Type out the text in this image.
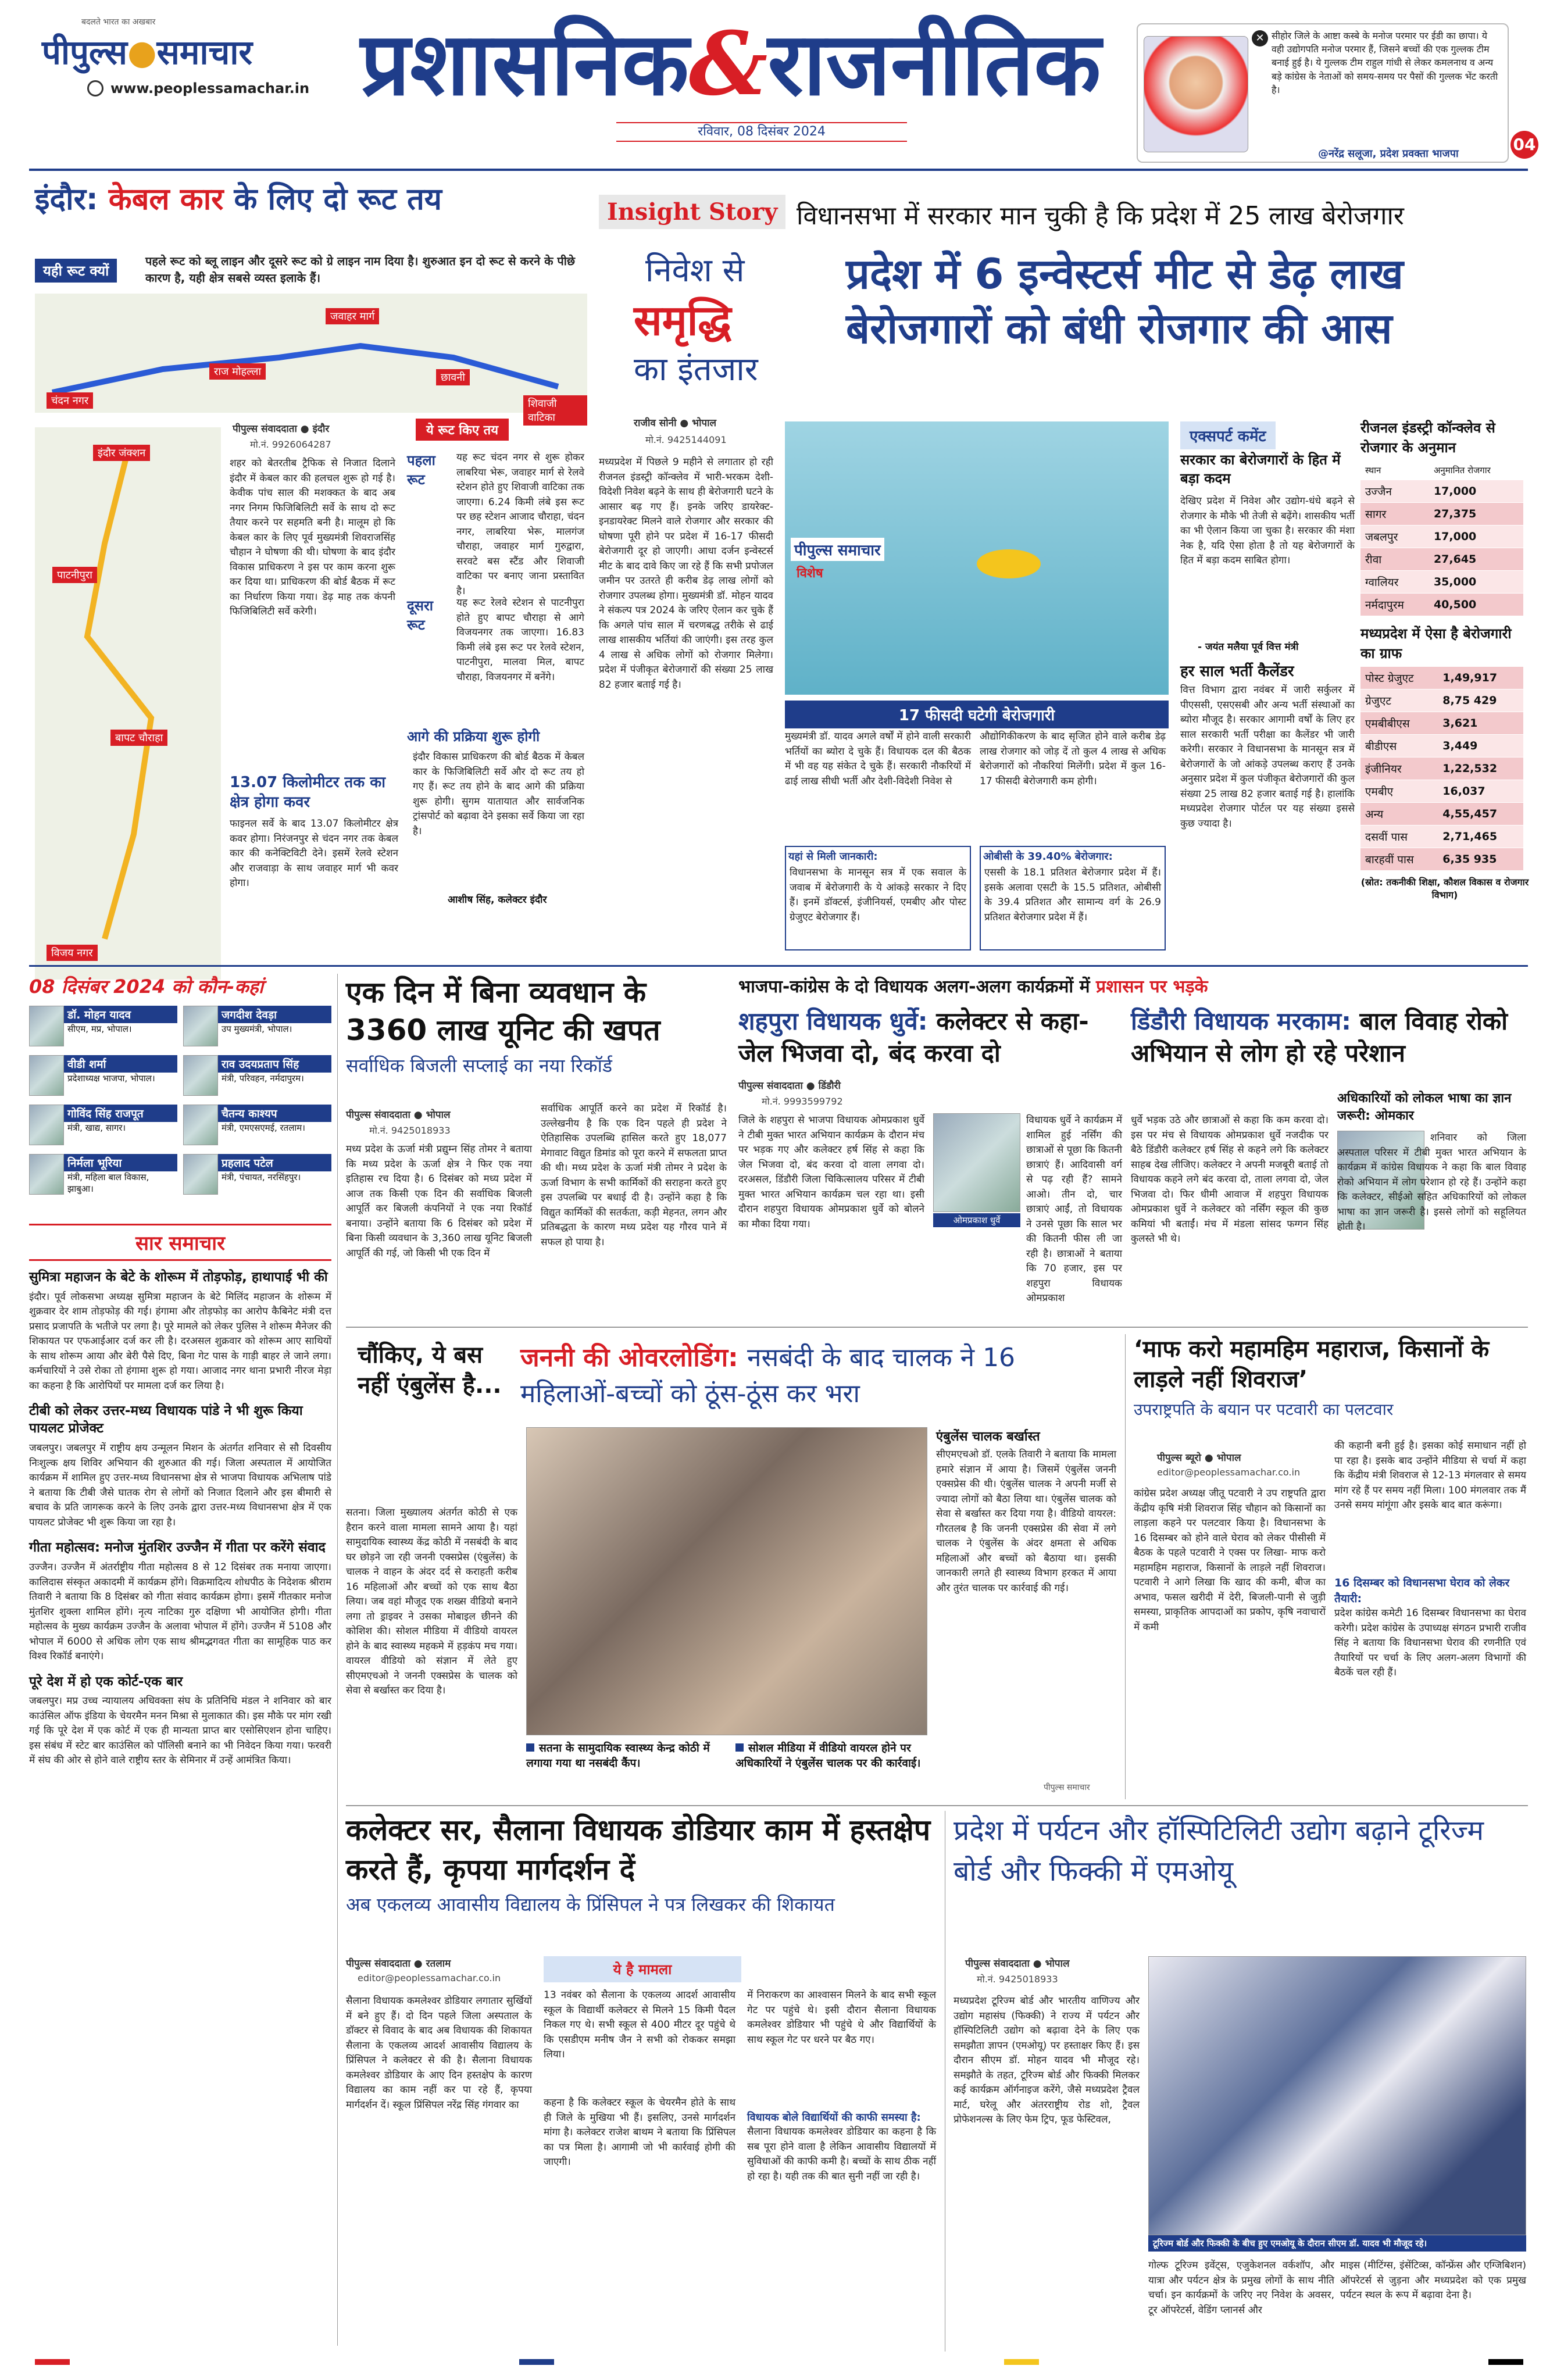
बदलते भारत का अखबार
पीपुल्स●समाचार
www.peoplessamachar.in प्रशासनिक&राजनीतिक
रविवार, 08 दिसंबर 2024
✕ सीहोर जिले के आष्टा कस्बे के मनोज परमार पर ईडी का छापा। ये वही उद्योगपति मनोज परमार हैं, जिसने बच्चों की एक गुल्लक टीम बनाई हुई है। ये गुल्लक टीम राहुल गांधी से लेकर कमलनाथ व अन्य बड़े कांग्रेस के नेताओं को समय-समय पर पैसों की गुल्लक भेंट करती है।
@नरेंद्र सलूजा, प्रदेश प्रवक्ता भाजपा	04
इंदौर: केबल कार के लिए दो रूट तय
यही रूट क्यों
पहले रूट को ब्लू लाइन और दूसरे रूट को ग्रे लाइन नाम दिया है। शुरुआत इन दो रूट से करने के पीछे कारण है, यही क्षेत्र सबसे व्यस्त इलाके हैं।
चंदन नगर
राज मोहल्ला
जवाहर मार्ग
छावनी
शिवाजी वाटिका
इंदौर जंक्शन
पाटनीपुरा
बापट चौराहा
विजय नगर
पीपुल्स संवाददाता ● इंदौर
मो.नं. 9926064287
शहर को बेतरतीब ट्रैफिक से निजात दिलाने इंदौर में केबल कार की हलचल शुरू हो गई है। केवीक पांच साल की मशक्कत के बाद अब नगर निगम फिजिबिलिटी सर्वे के साथ दो रूट तैयार करने पर सहमति बनी है। मालूम हो कि केबल कार के लिए पूर्व मुख्यमंत्री शिवराजसिंह चौहान ने घोषणा की थी। घोषणा के बाद इंदौर विकास प्राधिकरण ने इस पर काम करना शुरू कर दिया था। प्राधिकरण की बोर्ड बैठक में रूट का निर्धारण किया गया। डेढ़ माह तक कंपनी फिजिबिलिटी सर्वे करेगी।
ये रूट किए तय
पहला रूट
यह रूट चंदन नगर से शुरू होकर लाबरिया भेरू, जवाहर मार्ग से रेलवे स्टेशन होते हुए शिवाजी वाटिका तक जाएगा। 6.24 किमी लंबे इस रूट पर छह स्टेशन आजाद चौराहा, चंदन नगर, लाबरिया भेरू, मालगंज चौराहा, जवाहर मार्ग गुरुद्वारा, सरवटे बस स्टैंड और शिवाजी वाटिका पर बनाए जाना प्रस्तावित है।
दूसरा रूट
यह रूट रेलवे स्टेशन से पाटनीपुरा होते हुए बापट चौराहा से आगे विजयनगर तक जाएगा। 16.83 किमी लंबे इस रूट पर रेलवे स्टेशन, पाटनीपुरा, मालवा मिल, बापट चौराहा, विजयनगर में बनेंगे।
13.07 किलोमीटर तक का क्षेत्र होगा कवर
फाइनल सर्वे के बाद 13.07 किलोमीटर क्षेत्र कवर होगा। निरंजनपुर से चंदन नगर तक केबल कार की कनेक्टिविटी देने। इसमें रेलवे स्टेशन और राजवाड़ा के साथ जवाहर मार्ग भी कवर होगा।
आगे की प्रक्रिया शुरू होगी
इंदौर विकास प्राधिकरण की बोर्ड बैठक में केबल कार के फिजिबिलिटी सर्वे और दो रूट तय हो गए हैं। रूट तय होने के बाद आगे की प्रक्रिया शुरू होगी। सुगम यातायात और सार्वजनिक ट्रांसपोर्ट को बढ़ावा देने इसका सर्वे किया जा रहा है।
आशीष सिंह, कलेक्टर इंदौर
Insight Story विधानसभा में सरकार मान चुकी है कि प्रदेश में 25 लाख बेरोजगार
निवेश से
समृद्धि
का इंतजार
प्रदेश में 6 इन्वेस्टर्स मीट से डेढ़ लाख बेरोजगारों को बंधी रोजगार की आस
राजीव सोनी ● भोपाल
मो.नं. 9425144091
मध्यप्रदेश में पिछले 9 महीने से लगातार हो रही रीजनल इंडस्ट्री कॉन्क्लेव में भारी-भरकम देशी-विदेशी निवेश बढ़ने के साथ ही बेरोजगारी घटने के आसार बढ़ गए हैं। इनके जरिए डायरेक्ट-इनडायरेक्ट मिलने वाले रोजगार और सरकार की घोषणा पूरी होने पर प्रदेश में 16-17 फीसदी बेरोजगारी दूर हो जाएगी। आधा दर्जन इन्वेस्टर्स मीट के बाद दावे किए जा रहे हैं कि सभी प्रपोजल जमीन पर उतरते ही करीब डेढ़ लाख लोगों को रोजगार उपलब्ध होगा। मुख्यमंत्री डॉ. मोहन यादव ने संकल्प पत्र 2024 के जरिए ऐलान कर चुके हैं कि अगले पांच साल में चरणबद्ध तरीके से ढाई लाख शासकीय भर्तियां की जाएंगी। इस तरह कुल 4 लाख से अधिक लोगों को रोजगार मिलेगा। प्रदेश में पंजीकृत बेरोजगारों की संख्या 25 लाख 82 हजार बताई गई है।
पीपुल्स समाचार
विशेष
17 फीसदी घटेगी बेरोजगारी
मुख्यमंत्री डॉ. यादव अगले वर्षों में होने वाली सरकारी भर्तियों का ब्योरा दे चुके हैं। विधायक दल की बैठक में भी वह यह संकेत दे चुके हैं। सरकारी नौकरियों में ढाई लाख सीधी भर्ती और देशी-विदेशी निवेश से
औद्योगिकीकरण के बाद सृजित होने वाले करीब डेढ़ लाख रोजगार को जोड़ दें तो कुल 4 लाख से अधिक बेरोजगारों को नौकरियां मिलेंगी। प्रदेश में कुल 16-17 फीसदी बेरोजगारी कम होगी।
यहां से मिली जानकारी:
विधानसभा के मानसून सत्र में एक सवाल के जवाब में बेरोजगारी के ये आंकड़े सरकार ने दिए हैं। इनमें डॉक्टर्स, इंजीनियर्स, एमबीए और पोस्ट ग्रेजुएट बेरोजगार हैं।
ओबीसी के 39.40% बेरोजगार:
एससी के 18.1 प्रतिशत बेरोजगार प्रदेश में हैं। इसके अलावा एसटी के 15.5 प्रतिशत, ओबीसी के 39.4 प्रतिशत और सामान्य वर्ग के 26.9 प्रतिशत बेरोजगार प्रदेश में हैं।
एक्सपर्ट कमेंट
सरकार का बेरोजगारों के हित में बड़ा कदम
देखिए प्रदेश में निवेश और उद्योग-धंधे बढ़ने से रोजगार के मौके भी तेजी से बढ़ेंगे। शासकीय भर्ती का भी ऐलान किया जा चुका है। सरकार की मंशा नेक है, यदि ऐसा होता है तो यह बेरोजगारों के हित में बड़ा कदम साबित होगा।
- जयंत मलैया पूर्व वित्त मंत्री
हर साल भर्ती कैलेंडर
वित्त विभाग द्वारा नवंबर में जारी सर्कुलर में पीएससी, एसएसबी और अन्य भर्ती संस्थाओं का ब्योरा मौजूद है। सरकार आगामी वर्षों के लिए हर साल सरकारी भर्ती परीक्षा का कैलेंडर भी जारी करेगी। सरकार ने विधानसभा के मानसून सत्र में बेरोजगारों के जो आंकड़े उपलब्ध कराए हैं उनके अनुसार प्रदेश में कुल पंजीकृत बेरोजगारों की कुल संख्या 25 लाख 82 हजार बताई गई है। हालांकि मध्यप्रदेश रोजगार पोर्टल पर यह संख्या इससे कुछ ज्यादा है।
रीजनल इंडस्ट्री कॉन्क्लेव से रोजगार के अनुमान
स्थान	अनुमानित रोजगार
उज्जैन	17,000
सागर	27,375
जबलपुर	17,000
रीवा	27,645
ग्वालियर	35,000
नर्मदापुरम	40,500
मध्यप्रदेश में ऐसा है बेरोजगारी का ग्राफ
पोस्ट ग्रेजुएट	1,49,917
ग्रेजुएट	8,75 429
एमबीबीएस	3,621
बीडीएस	3,449
इंजीनियर	1,22,532
एमबीए	16,037
अन्य	4,55,457
दसवीं पास	2,71,465
बारहवीं पास	6,35 935
(स्रोत: तकनीकी शिक्षा, कौशल विकास व रोजगार विभाग)
08 दिसंबर 2024 को कौन-कहां
डॉ. मोहन यादव
सीएम, मप्र, भोपाल।
जगदीश देवड़ा
उप मुख्यमंत्री, भोपाल।
वीडी शर्मा
प्रदेशाध्यक्ष भाजपा, भोपाल।
राव उदयप्रताप सिंह
मंत्री, परिवहन, नर्मदापुरम।
गोविंद सिंह राजपूत
मंत्री, खाद्य, सागर।
चैतन्य काश्यप
मंत्री, एमएसएमई, रतलाम।
निर्मला भूरिया
मंत्री, महिला बाल विकास, झाबुआ।
प्रहलाद पटेल
मंत्री, पंचायत, नरसिंहपुर।
सार समाचार
सुमित्रा महाजन के बेटे के शोरूम में तोड़फोड़, हाथापाई भी की
इंदौर। पूर्व लोकसभा अध्यक्ष सुमित्रा महाजन के बेटे मिलिंद महाजन के शोरूम में शुक्रवार देर शाम तोड़फोड़ की गई। हंगामा और तोड़फोड़ का आरोप कैबिनेट मंत्री दत्त प्रसाद प्रजापति के भतीजे पर लगा है। पूरे मामले को लेकर पुलिस ने शोरूम मैनेजर की शिकायत पर एफआईआर दर्ज कर ली है। दरअसल शुक्रवार को शोरूम आए साथियों के साथ शोरूम आया और बेरी पैसे दिए, बिना गेट पास के गाड़ी बाहर ले जाने लगा। कर्मचारियों ने उसे रोका तो हंगामा शुरू हो गया। आजाद नगर थाना प्रभारी नीरज मेड़ा का कहना है कि आरोपियों पर मामला दर्ज कर लिया है।
टीबी को लेकर उत्तर-मध्य विधायक पांडे ने भी शुरू किया पायलट प्रोजेक्ट
जबलपुर। जबलपुर में राष्ट्रीय क्षय उन्मूलन मिशन के अंतर्गत शनिवार से सौ दिवसीय निःशुल्क क्षय शिविर अभियान की शुरुआत की गई। जिला अस्पताल में आयोजित कार्यक्रम में शामिल हुए उत्तर-मध्य विधानसभा क्षेत्र से भाजपा विधायक अभिलाष पांडे ने बताया कि टीबी जैसे घातक रोग से लोगों को निजात दिलाने और इस बीमारी से बचाव के प्रति जागरूक करने के लिए उनके द्वारा उत्तर-मध्य विधानसभा क्षेत्र में एक पायलट प्रोजेक्ट भी शुरू किया जा रहा है।
गीता महोत्सव: मनोज मुंतशिर उज्जैन में गीता पर करेंगे संवाद
उज्जैन। उज्जैन में अंतर्राष्ट्रीय गीता महोत्सव 8 से 12 दिसंबर तक मनाया जाएगा। कालिदास संस्कृत अकादमी में कार्यक्रम होंगे। विक्रमादित्य शोधपीठ के निदेशक श्रीराम तिवारी ने बताया कि 8 दिसंबर को गीता संवाद कार्यक्रम होगा। इसमें गीतकार मनोज मुंतशिर शुक्ला शामिल होंगे। नृत्य नाटिका गुरु दक्षिणा भी आयोजित होगी। गीता महोत्सव के मुख्य कार्यक्रम उज्जैन के अलावा भोपाल में होंगे। उज्जैन में 5108 और भोपाल में 6000 से अधिक लोग एक साथ श्रीमद्भगवत गीता का सामूहिक पाठ कर विश्व रिकॉर्ड बनाएंगे।
पूरे देश में हो एक कोर्ट-एक बार
जबलपुर। मप्र उच्च न्यायालय अधिवक्ता संघ के प्रतिनिधि मंडल ने शनिवार को बार काउंसिल ऑफ इंडिया के चेयरमैन मनन मिश्रा से मुलाकात की। इस मौके पर मांग रखी गई कि पूरे देश में एक कोर्ट में एक ही मान्यता प्राप्त बार एसोसिएशन होना चाहिए। इस संबंध में स्टेट बार काउंसिल को पॉलिसी बनाने का भी निवेदन किया गया। फरवरी में संघ की ओर से होने वाले राष्ट्रीय स्तर के सेमिनार में उन्हें आमंत्रित किया।
एक दिन में बिना व्यवधान के 3360 लाख यूनिट की खपत
सर्वाधिक बिजली सप्लाई का नया रिकॉर्ड
पीपुल्स संवाददाता ● भोपाल
मो.नं. 9425018933
मध्य प्रदेश के ऊर्जा मंत्री प्रद्युम्न सिंह तोमर ने बताया कि मध्य प्रदेश के ऊर्जा क्षेत्र ने फिर एक नया इतिहास रच दिया है। 6 दिसंबर को मध्य प्रदेश में आज तक किसी एक दिन की सर्वाधिक बिजली आपूर्ति कर बिजली कंपनियों ने एक नया रिकॉर्ड बनाया। उन्होंने बताया कि 6 दिसंबर को प्रदेश में बिना किसी व्यवधान के 3,360 लाख यूनिट बिजली आपूर्ति की गई, जो किसी भी एक दिन में
सर्वाधिक आपूर्ति करने का प्रदेश में रिकॉर्ड है। उल्लेखनीय है कि एक दिन पहले ही प्रदेश ने ऐतिहासिक उपलब्धि हासिल करते हुए 18,077 मेगावाट विद्युत डिमांड को पूरा करने में सफलता प्राप्त की थी। मध्य प्रदेश के ऊर्जा मंत्री तोमर ने प्रदेश के ऊर्जा विभाग के सभी कार्मिकों की सराहना करते हुए इस उपलब्धि पर बधाई दी है। उन्होंने कहा है कि विद्युत कार्मिकों की सतर्कता, कड़ी मेहनत, लगन और प्रतिबद्धता के कारण मध्य प्रदेश यह गौरव पाने में सफल हो पाया है।
भाजपा-कांग्रेस के दो विधायक अलग-अलग कार्यक्रमों में प्रशासन पर भड़के
शहपुरा विधायक धुर्वे: कलेक्टर से कहा- जेल भिजवा दो, बंद करवा दो
पीपुल्स संवाददाता ● डिंडौरी
मो.नं. 9993599792
जिले के शहपुरा से भाजपा विधायक ओमप्रकाश धुर्वे ने टीबी मुक्त भारत अभियान कार्यक्रम के दौरान मंच पर भड़क गए और कलेक्टर हर्ष सिंह से कहा कि जेल भिजवा दो, बंद करवा दो वाला लगवा दो। दरअसल, डिंडौरी जिला चिकित्सालय परिसर में टीबी मुक्त भारत अभियान कार्यक्रम चल रहा था। इसी दौरान शहपुरा विधायक ओमप्रकाश धुर्वे को बोलने का मौका दिया गया।	ओमप्रकाश धुर्वे
विधायक धुर्वे ने कार्यक्रम में शामिल हुई नर्सिंग की छात्राओं से पूछा कि कितनी छात्राएं हैं। आदिवासी वर्ग से पढ़ रही हैं? सामने आओ। तीन दो, चार छात्राएं आईं, तो विधायक ने उनसे पूछा कि साल भर की कितनी फीस ली जा रही है। छात्राओं ने बताया कि 70 हजार, इस पर शहपुरा विधायक ओमप्रकाश
धुर्वे भड़क उठे और छात्राओं से कहा कि कम करवा दो। इस पर मंच से विधायक ओमप्रकाश धुर्वे नजदीक पर बैठे डिंडौरी कलेक्टर हर्ष सिंह से कहने लगे कि कलेक्टर साहब देख लीजिए। कलेक्टर ने अपनी मजबूरी बताई तो विधायक कहने लगे बंद करवा दो, ताला लगवा दो, जेल भिजवा दो। फिर धीमी आवाज में शहपुरा विधायक ओमप्रकाश धुर्वे ने कलेक्टर को नर्सिंग स्कूल की कुछ कमियां भी बताईं। मंच में मंडला सांसद फग्गन सिंह कुलस्ते भी थे।
डिंडौरी विधायक मरकाम: बाल विवाह रोको अभियान से लोग हो रहे परेशान
अधिकारियों को लोकल भाषा का ज्ञान जरूरी: ओमकार
शनिवार को जिला अस्पताल परिसर में टीबी मुक्त भारत अभियान के कार्यक्रम में कांग्रेस विधायक ने कहा कि बाल विवाह रोको अभियान में लोग परेशान हो रहे हैं। उन्होंने कहा कि कलेक्टर, सीईओ सहित अधिकारियों को लोकल भाषा का ज्ञान जरूरी है। इससे लोगों को सहूलियत होती है।
चौंकिए, ये बस नहीं एंबुलेंस है...
जननी की ओवरलोडिंग: नसबंदी के बाद चालक ने 16 महिलाओं-बच्चों को ठूंस-ठूंस कर भरा
सतना। जिला मुख्यालय अंतर्गत कोठी से एक हैरान करने वाला मामला सामने आया है। यहां सामुदायिक स्वास्थ्य केंद्र कोठी में नसबंदी के बाद घर छोड़ने जा रही जननी एक्सप्रेस (एंबुलेंस) के चालक ने वाहन के अंदर दर्द से कराहती करीब 16 महिलाओं और बच्चों को एक साथ बैठा लिया। जब वहां मौजूद एक शख्स वीडियो बनाने लगा तो ड्राइवर ने उसका मोबाइल छीनने की कोशिश की। सोशल मीडिया में वीडियो वायरल होने के बाद स्वास्थ्य महकमे में हड़कंप मच गया। वायरल वीडियो को संज्ञान में लेते हुए सीएमएचओ ने जननी एक्सप्रेस के चालक को सेवा से बर्खास्त कर दिया है।
सतना के सामुदायिक स्वास्थ्य केन्द्र कोठी में लगाया गया था नसबंदी कैंप।
सोशल मीडिया में वीडियो वायरल होने पर अधिकारियों ने एंबुलेंस चालक पर की कार्रवाई।
एंबुलेंस चालक बर्खास्त
सीएमएचओ डॉ. एलके तिवारी ने बताया कि मामला हमारे संज्ञान में आया है। जिसमें एंबुलेंस जननी एक्सप्रेस की थी। एंबुलेंस चालक ने अपनी मर्जी से ज्यादा लोगों को बैठा लिया था। एंबुलेंस चालक को सेवा से बर्खास्त कर दिया गया है। वीडियो वायरल: गौरतलब है कि जननी एक्सप्रेस की सेवा में लगे चालक ने एंबुलेंस के अंदर क्षमता से अधिक महिलाओं और बच्चों को बैठाया था। इसकी जानकारी लगते ही स्वास्थ्य विभाग हरकत में आया और तुरंत चालक पर कार्रवाई की गई।
पीपुल्स समाचार
‘माफ करो महामहिम महाराज, किसानों के लाड़ले नहीं शिवराज’
उपराष्ट्रपति के बयान पर पटवारी का पलटवार
पीपुल्स ब्यूरो ● भोपाल
editor@peoplessamachar.co.in
कांग्रेस प्रदेश अध्यक्ष जीतू पटवारी ने उप राष्ट्रपति द्वारा केंद्रीय कृषि मंत्री शिवराज सिंह चौहान को किसानों का लाड़ला कहने पर पलटवार किया है। विधानसभा के 16 दिसम्बर को होने वाले घेराव को लेकर पीसीसी में बैठक के पहले पटवारी ने एक्स पर लिखा- माफ करो महामहिम महाराज, किसानों के लाड़ले नहीं शिवराज। पटवारी ने आगे लिखा कि खाद की कमी, बीज का अभाव, फसल खरीदी में देरी, बिजली-पानी से जुड़ी समस्या, प्राकृतिक आपदाओं का प्रकोप, कृषि नवाचारों में कमी
की कहानी बनी हुई है। इसका कोई समाधान नहीं हो पा रहा है। इसके बाद उन्होंने मीडिया से चर्चा में कहा कि केंद्रीय मंत्री शिवराज से 12-13 मंगलवार से समय मांग रहे हैं पर समय नहीं मिला। 100 मंगलवार तक मैं उनसे समय मांगूंगा और इसके बाद बात करूंगा।
16 दिसम्बर को विधानसभा घेराव को लेकर तैयारी:
प्रदेश कांग्रेस कमेटी 16 दिसम्बर विधानसभा का घेराव करेगी। प्रदेश कांग्रेस के उपाध्यक्ष संगठन प्रभारी राजीव सिंह ने बताया कि विधानसभा घेराव की रणनीति एवं तैयारियों पर चर्चा के लिए अलग-अलग विभागों की बैठकें चल रही हैं।
कलेक्टर सर, सैलाना विधायक डोडियार काम में हस्तक्षेप करते हैं, कृपया मार्गदर्शन दें
अब एकलव्य आवासीय विद्यालय के प्रिंसिपल ने पत्र लिखकर की शिकायत
पीपुल्स संवाददाता ● रतलाम
editor@peoplessamachar.co.in
सैलाना विधायक कमलेश्वर डोडियार लगातार सुर्खियों में बने हुए हैं। दो दिन पहले जिला अस्पताल के डॉक्टर से विवाद के बाद अब विधायक की शिकायत सैलाना के एकलव्य आदर्श आवासीय विद्यालय के प्रिंसिपल ने कलेक्टर से की है। सैलाना विधायक कमलेश्वर डोडियार के आए दिन हस्तक्षेप के कारण विद्यालय का काम नहीं कर पा रहे हैं, कृपया मार्गदर्शन दें। स्कूल प्रिंसिपल नरेंद्र सिंह गंगवार का
ये है मामला
कहना है कि कलेक्टर स्कूल के चेयरमैन होते के साथ ही जिले के मुखिया भी हैं। इसलिए, उनसे मार्गदर्शन मांगा है। कलेक्टर राजेश बाथम ने बताया कि प्रिंसिपल का पत्र मिला है। आगामी जो भी कार्रवाई होगी की जाएगी।
13 नवंबर को सैलाना के एकलव्य आदर्श आवासीय स्कूल के विद्यार्थी कलेक्टर से मिलने 15 किमी पैदल निकल गए थे। सभी स्कूल से 400 मीटर दूर पहुंचे थे कि एसडीएम मनीष जैन ने सभी को रोककर समझा लिया।
में निराकरण का आश्वासन मिलने के बाद सभी स्कूल गेट पर पहुंचे थे। इसी दौरान सैलाना विधायक कमलेश्वर डोडियार भी पहुंचे थे और विद्यार्थियों के साथ स्कूल गेट पर धरने पर बैठ गए।
विधायक बोले विद्यार्थियों की काफी समस्या है:
सैलाना विधायक कमलेश्वर डोडियार का कहना है कि सब पूरा होने वाला है लेकिन आवासीय विद्यालयों में सुविधाओं की काफी कमी है। बच्चों के साथ ठीक नहीं हो रहा है। यही तक की बात सुनी नहीं जा रही है।
प्रदेश में पर्यटन और हॉस्पिटिलिटी उद्योग बढ़ाने टूरिज्म बोर्ड और फिक्की में एमओयू
पीपुल्स संवाददाता ● भोपाल
मो.नं. 9425018933
मध्यप्रदेश टूरिज्म बोर्ड और भारतीय वाणिज्य और उद्योग महासंघ (फिक्की) ने राज्य में पर्यटन और हॉस्पिटिलिटी उद्योग को बढ़ावा देने के लिए एक समझौता ज्ञापन (एमओयू) पर हस्ताक्षर किए हैं। इस दौरान सीएम डॉ. मोहन यादव भी मौजूद रहे। समझौते के तहत, टूरिज्म बोर्ड और फिक्की मिलकर कई कार्यक्रम ऑर्गनाइज करेंगे, जैसे मध्यप्रदेश ट्रैवल मार्ट, घरेलू और अंतरराष्ट्रीय रोड शो, ट्रैवल प्रोफेशनल्स के लिए फेम ट्रिप, फूड फेस्टिवल,
टूरिज्म बोर्ड और फिक्की के बीच हुए एमओयू के दौरान सीएम डॉ. यादव भी मौजूद रहे।
गोल्फ टूरिज्म इवेंट्स, एजुकेशनल वर्कशॉप, और यात्रा और पर्यटन क्षेत्र के प्रमुख लोगों के साथ नीति चर्चा। इन कार्यक्रमों के जरिए नए निवेश के अवसर, टूर ऑपरेटर्स, वेडिंग प्लानर्स और
माइस (मीटिंग्स, इंसेंटिव्स, कॉन्फ्रेंस और एग्जिबिशन) ऑपरेटर्स से जुड़ना और मध्यप्रदेश को एक प्रमुख पर्यटन स्थल के रूप में बढ़ावा देना है।
